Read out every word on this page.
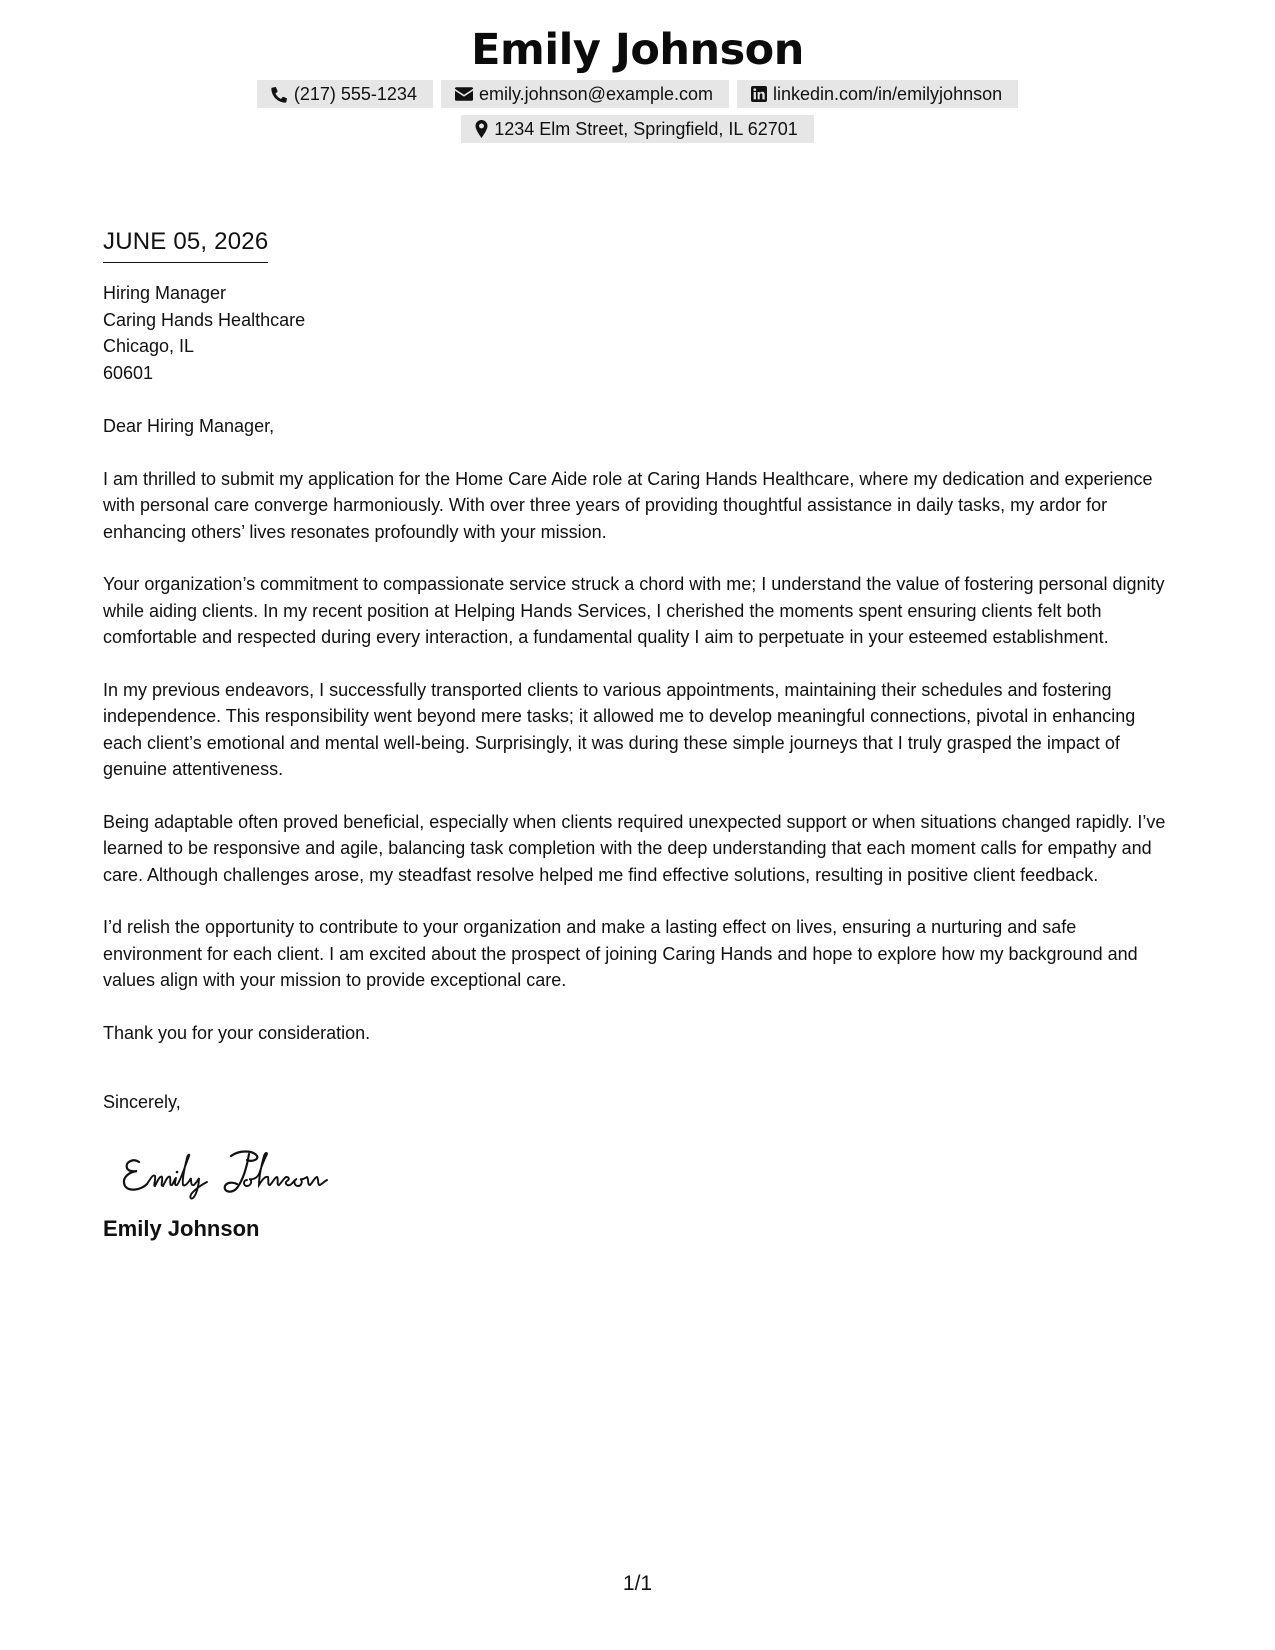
Emily Johnson
(217) 555-1234	emily.johnson@example.com	linkedin.com/in/emilyjohnson
1234 Elm Street, Springfield, IL 62701
JUNE 05, 2026
Hiring Manager
Caring Hands Healthcare
Chicago, IL
60601

Dear Hiring Manager,

I am thrilled to submit my application for the Home Care Aide role at Caring Hands Healthcare, where my dedication and experience with personal care converge harmoniously. With over three years of providing thoughtful assistance in daily tasks, my ardor for enhancing others’ lives resonates profoundly with your mission.

Your organization’s commitment to compassionate service struck a chord with me; I understand the value of fostering personal dignity while aiding clients. In my recent position at Helping Hands Services, I cherished the moments spent ensuring clients felt both comfortable and respected during every interaction, a fundamental quality I aim to perpetuate in your esteemed establishment.

In my previous endeavors, I successfully transported clients to various appointments, maintaining their schedules and fostering independence. This responsibility went beyond mere tasks; it allowed me to develop meaningful connections, pivotal in enhancing each client’s emotional and mental well-being. Surprisingly, it was during these simple journeys that I truly grasped the impact of genuine attentiveness.

Being adaptable often proved beneficial, especially when clients required unexpected support or when situations changed rapidly. I’ve learned to be responsive and agile, balancing task completion with the deep understanding that each moment calls for empathy and care. Although challenges arose, my steadfast resolve helped me find effective solutions, resulting in positive client feedback.

I’d relish the opportunity to contribute to your organization and make a lasting effect on lives, ensuring a nurturing and safe environment for each client. I am excited about the prospect of joining Caring Hands and hope to explore how my background and values align with your mission to provide exceptional care.

Thank you for your consideration.

Sincerely,

Emily Johnson
1/1
